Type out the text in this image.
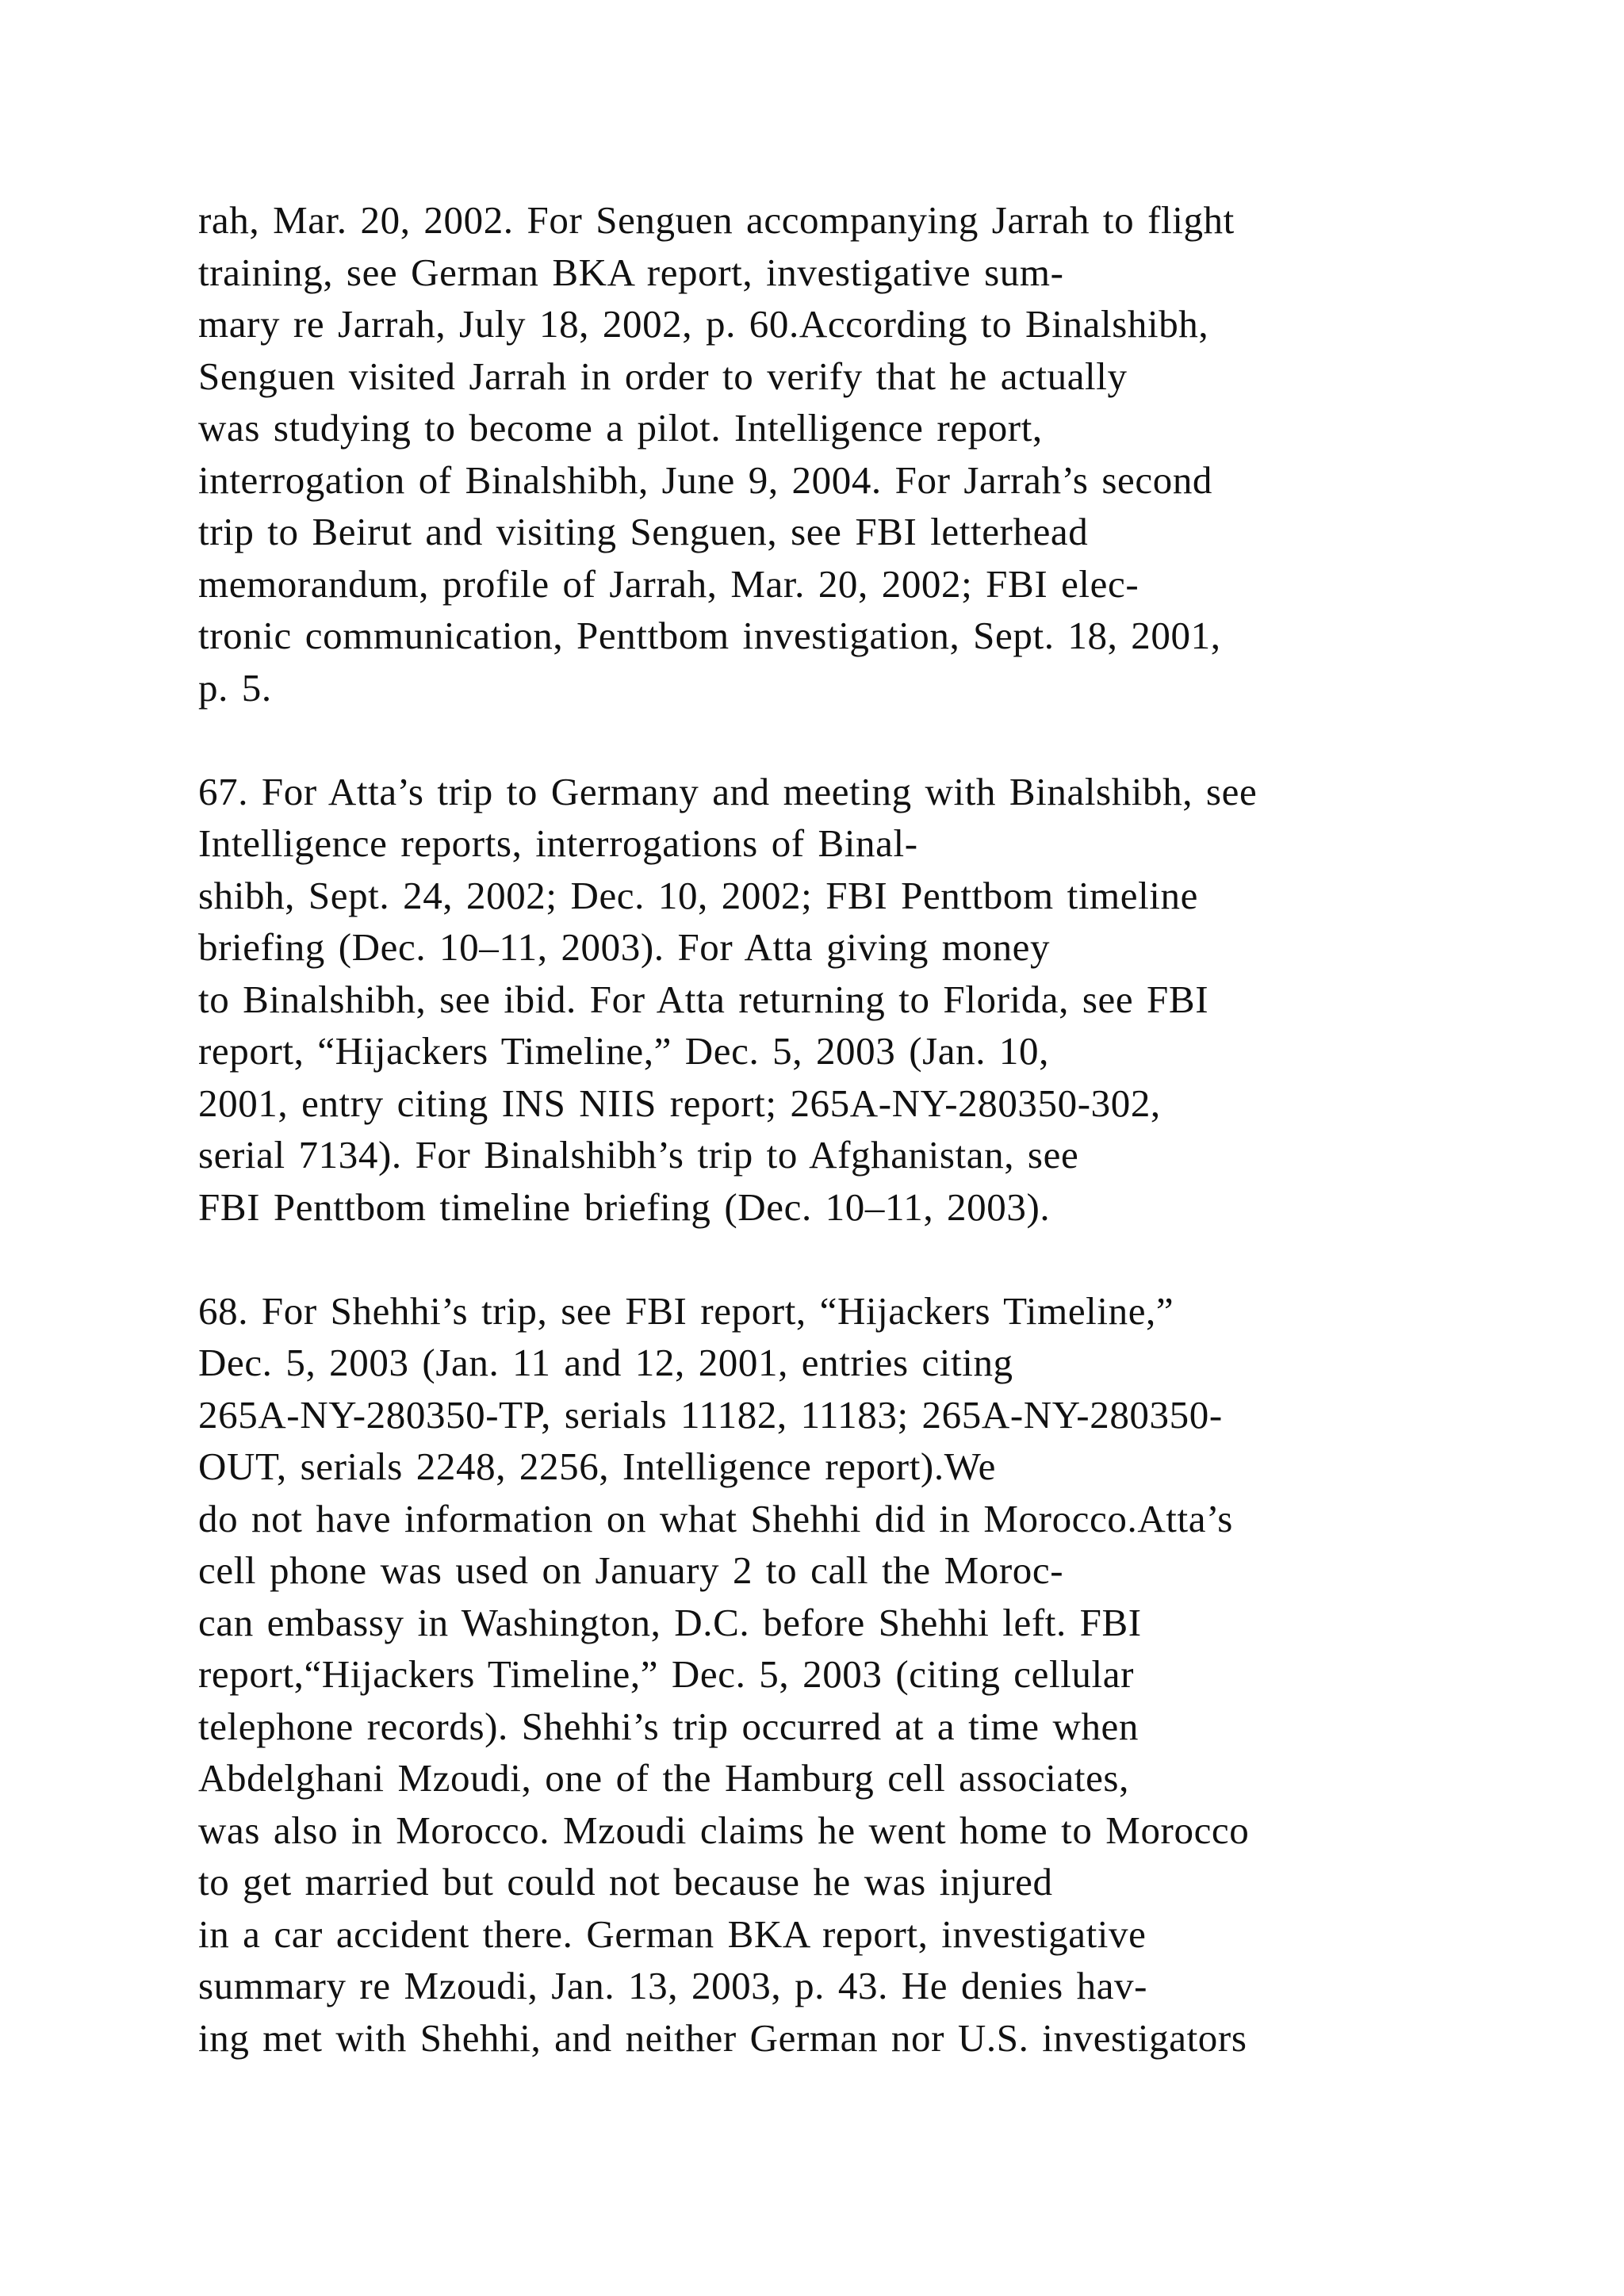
rah, Mar. 20, 2002. For Senguen accompanying Jarrah to flight
training, see German BKA report, investigative sum-
mary re Jarrah, July 18, 2002, p. 60.According to Binalshibh,
Senguen visited Jarrah in order to verify that he actually
was studying to become a pilot. Intelligence report,
interrogation of Binalshibh, June 9, 2004. For Jarrah’s second
trip to Beirut and visiting Senguen, see FBI letterhead
memorandum, profile of Jarrah, Mar. 20, 2002; FBI elec-
tronic communication, Penttbom investigation, Sept. 18, 2001,
p. 5.

67. For Atta’s trip to Germany and meeting with Binalshibh, see
Intelligence reports, interrogations of Binal-
shibh, Sept. 24, 2002; Dec. 10, 2002; FBI Penttbom timeline
briefing (Dec. 10–11, 2003). For Atta giving money
to Binalshibh, see ibid. For Atta returning to Florida, see FBI
report, “Hijackers Timeline,” Dec. 5, 2003 (Jan. 10,
2001, entry citing INS NIIS report; 265A-NY-280350-302,
serial 7134). For Binalshibh’s trip to Afghanistan, see
FBI Penttbom timeline briefing (Dec. 10–11, 2003).

68. For Shehhi’s trip, see FBI report, “Hijackers Timeline,”
Dec. 5, 2003 (Jan. 11 and 12, 2001, entries citing
265A-NY-280350-TP, serials 11182, 11183; 265A-NY-280350-
OUT, serials 2248, 2256, Intelligence report).We
do not have information on what Shehhi did in Morocco.Atta’s
cell phone was used on January 2 to call the Moroc-
can embassy in Washington, D.C. before Shehhi left. FBI
report,“Hijackers Timeline,” Dec. 5, 2003 (citing cellular
telephone records). Shehhi’s trip occurred at a time when
Abdelghani Mzoudi, one of the Hamburg cell associates,
was also in Morocco. Mzoudi claims he went home to Morocco
to get married but could not because he was injured
in a car accident there. German BKA report, investigative
summary re Mzoudi, Jan. 13, 2003, p. 43. He denies hav-
ing met with Shehhi, and neither German nor U.S. investigators
